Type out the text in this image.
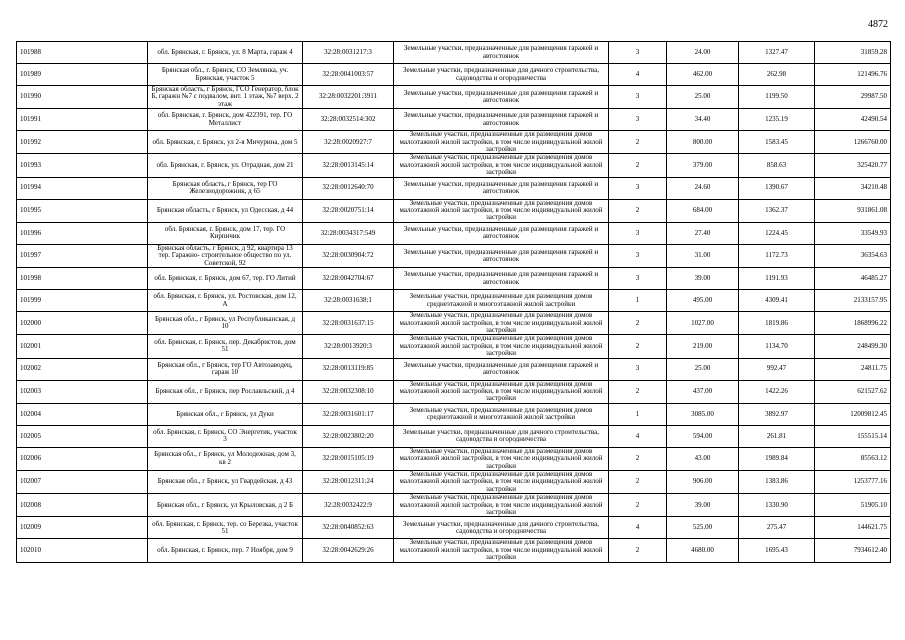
4872
101988	обл. Брянская, г. Брянск, ул. 8 Марта, гараж 4	32:28:0031217:3	Земельные участки, предназначенные для размещения гаражей и автостоянок	3	24.00	1327.47	31859.28
101989	Брянская обл., г. Брянск, СО Землянка, уч. Брянская, участок 5	32:28:0041003:57	Земельные участки, предназначенные для дачного строительства, садоводства и огородничества	4	462.00	262.98	121496.76
101990	Брянская область, г Брянск, ГСО Генератор, блок Б, гаражн №7 с подвалом, внт. 1 этаж, №7 верх. 2 этаж	32:28:0032201:3911	Земельные участки, предназначенные для размещения гаражей и автостоянок	3	25.00	1199.50	29987.50
101991	обл. Брянская, г. Брянск, дом 422391, тер. ГО Металлист	32:28:0032514:302	Земельные участки, предназначенные для размещения гаражей и автостоянок	3	34.40	1235.19	42490.54
101992	обл. Брянская, г. Брянск, ул 2-я Мичурина, дом 5	32:28:0020927:7	Земельные участки, предназначенные для размещения домов малоэтажной жилой застройки, в том числе индивидуальной жилой застройки	2	800.00	1583.45	1266760.00
101993	обл. Брянская, г. Брянск, ул. Отрадная, дом 21	32:28:0013145:14	Земельные участки, предназначенные для размещения домов малоэтажной жилой застройки, в том числе индивидуальной жилой застройки	2	379.00	858.63	325420.77
101994	Брянская область, г Брянск, тер ГО Железнодорожник, д 65	32:28:0012640:70	Земельные участки, предназначенные для размещения гаражей и автостоянок	3	24.60	1390.67	34210.48
101995	Брянская область, г Брянск, ул Одесская, д 44	32:28:0020751:14	Земельные участки, предназначенные для размещения домов малоэтажной жилой застройки, в том числе индивидуальной жилой застройки	2	684.00	1362.37	931861.08
101996	обл. Брянская, г. Брянск, дом 17, тер. ГО Кирпичик	32:28:0034317:549	Земельные участки, предназначенные для размещения гаражей и автостоянок	3	27.40	1224.45	33549.93
101997	Брянская область, г Брянск, д 92, квартира 13 тер. Гаражно- строительное общество по ул. Советской, 92	32:28:0030904:72	Земельные участки, предназначенные для размещения гаражей и автостоянок	3	31.00	1172.73	36354.63
101998	обл. Брянская, г. Брянск, дом 67, тер. ГО Литий	32:28:0042704:67	Земельные участки, предназначенные для размещения гаражей и автостоянок	3	39.00	1191.93	46485.27
101999	обл. Брянская, г. Брянск, ул. Ростовская, дом 12, А	32:28:0031638:1	Земельные участки, предназначенные для размещения домов среднеэтажной и многоэтажной жилой застройки	1	495.00	4309.41	2133157.95
102000	Брянская обл., г Брянск, ул Республиканская, д 10	32:28:0031637:15	Земельные участки, предназначенные для размещения домов малоэтажной жилой застройки, в том числе индивидуальной жилой застройки	2	1027.00	1819.86	1868996.22
102001	обл. Брянская, г. Брянск, пер. Декабристов, дом 51	32:28:0013920:3	Земельные участки, предназначенные для размещения домов малоэтажной жилой застройки, в том числе индивидуальной жилой застройки	2	219.00	1134.70	248499.30
102002	Брянская обл., г Брянск, тер ГО Автозаводец, гараж 10	32:28:0013119:85	Земельные участки, предназначенные для размещения гаражей и автостоянок	3	25.00	992.47	24811.75
102003	Брянская обл., г Брянск, пер Рославльский, д 4	32:28:0032308:10	Земельные участки, предназначенные для размещения домов малоэтажной жилой застройки, в том числе индивидуальной жилой застройки	2	437.00	1422.26	621527.62
102004	Брянская обл., г Брянск, ул Дуки	32:28:0031601:17	Земельные участки, предназначенные для размещения домов среднеэтажной и многоэтажной жилой застройки	1	3085.00	3892.97	12009812.45
102005	обл. Брянская, г. Брянск, СО Энергетик, участок 3	32:28:0023802:20	Земельные участки, предназначенные для дачного строительства, садоводства и огородничества	4	594.00	261.81	155515.14
102006	Брянская обл., г Брянск, ул Молодежная, дом 3, кв 2	32:28:0015105:19	Земельные участки, предназначенные для размещения домов малоэтажной жилой застройки, в том числе индивидуальной жилой застройки	2	43.00	1989.84	85563.12
102007	Брянская обл., г Брянск, ул Гвардейская, д 43	32:28:0012311:24	Земельные участки, предназначенные для размещения домов малоэтажной жилой застройки, в том числе индивидуальной жилой застройки	2	906.00	1383.86	1253777.16
102008	Брянская обл., г Брянск, ул Крыловская, д 2 Б	32:28:0032422:9	Земельные участки, предназначенные для размещения домов малоэтажной жилой застройки, в том числе индивидуальной жилой застройки	2	39.00	1330.90	51905.10
102009	обл. Брянская, г. Брянск, тер. со Березка, участок 51	32:28:0040852:63	Земельные участки, предназначенные для дачного строительства, садоводства и огородничества	4	525.00	275.47	144621.75
102010	обл. Брянская, г. Брянск, пер. 7 Ноября, дом 9	32:28:0042629:26	Земельные участки, предназначенные для размещения домов малоэтажной жилой застройки, в том числе индивидуальной жилой застройки	2	4680.00	1695.43	7934612.40
